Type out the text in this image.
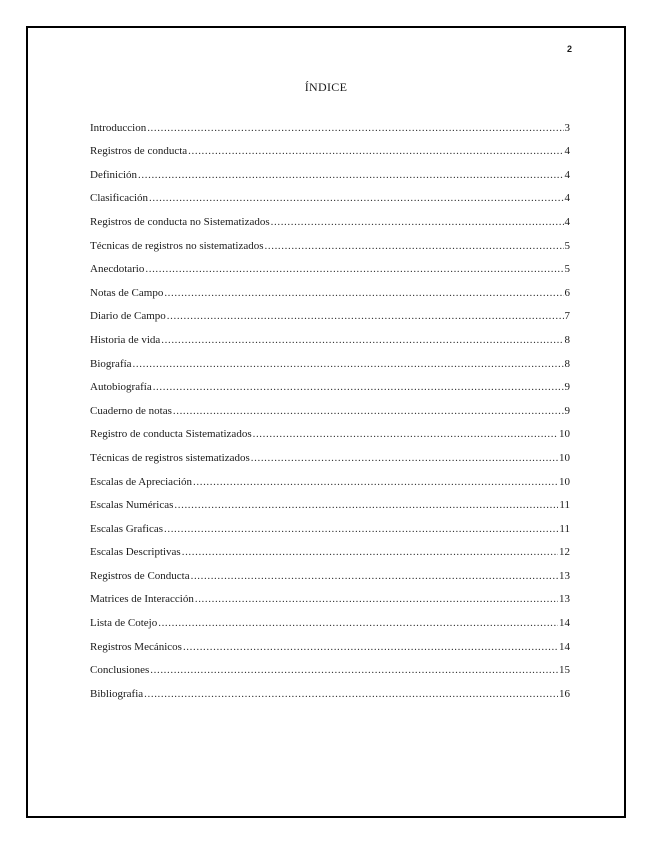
2
ÍNDICE
Introduccion .....	3
Registros de conducta .....	4
Definición .....	4
Clasificación .....	4
Registros de conducta no Sistematizados .....	4
Técnicas de registros no sistematizados .....	5
Anecdotario .....	5
Notas de Campo .....	6
Diario de Campo .....	7
Historia de vida .....	8
Biografía .....	8
Autobiografía .....	9
Cuaderno de notas .....	9
Registro de conducta Sistematizados .....	10
Técnicas de registros sistematizados .....	10
Escalas de Apreciación .....	10
Escalas Numéricas .....	11
Escalas Graficas .....	11
Escalas Descriptivas .....	12
Registros de Conducta .....	13
Matrices de Interacción .....	13
Lista de Cotejo .....	14
Registros Mecánicos .....	14
Conclusiones .....	15
Bibliografia .....	16
